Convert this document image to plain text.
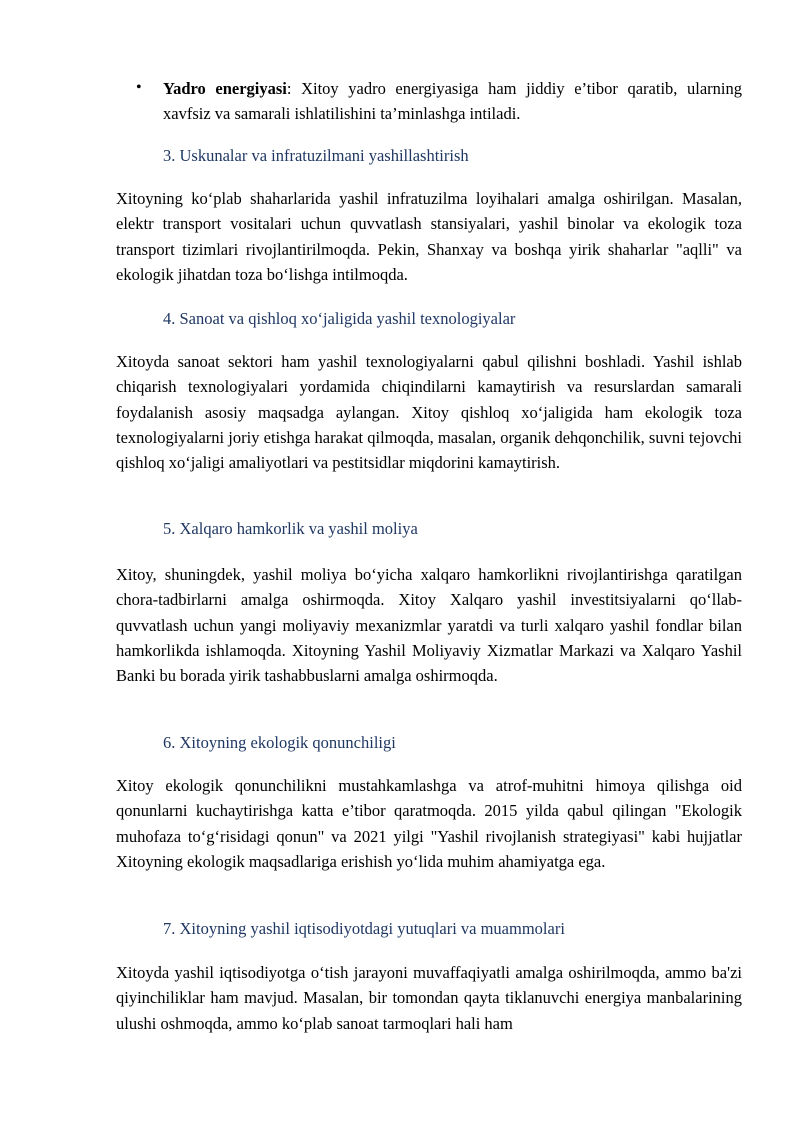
• Yadro energiyasi: Xitoy yadro energiyasiga ham jiddiy e’tibor qaratib, ularning xavfsiz va samarali ishlatilishini ta’minlashga intiladi.
3. Uskunalar va infratuzilmani yashillashtirish
Xitoyning koʻplab shaharlarida yashil infratuzilma loyihalari amalga oshirilgan. Masalan, elektr transport vositalari uchun quvvatlash stansiyalari, yashil binolar va ekologik toza transport tizimlari rivojlantirilmoqda. Pekin, Shanxay va boshqa yirik shaharlar "aqlli" va ekologik jihatdan toza boʻlishga intilmoqda.
4. Sanoat va qishloq xoʻjaligida yashil texnologiyalar
Xitoyda sanoat sektori ham yashil texnologiyalarni qabul qilishni boshladi. Yashil ishlab chiqarish texnologiyalari yordamida chiqindilarni kamaytirish va resurslardan samarali foydalanish asosiy maqsadga aylangan. Xitoy qishloq xoʻjaligida ham ekologik toza texnologiyalarni joriy etishga harakat qilmoqda, masalan, organik dehqonchilik, suvni tejovchi qishloq xoʻjaligi amaliyotlari va pestitsidlar miqdorini kamaytirish.
5. Xalqaro hamkorlik va yashil moliya
Xitoy, shuningdek, yashil moliya boʻyicha xalqaro hamkorlikni rivojlantirishga qaratilgan chora-tadbirlarni amalga oshirmoqda. Xitoy Xalqaro yashil investitsiyalarni qoʻllab-quvvatlash uchun yangi moliyaviy mexanizmlar yaratdi va turli xalqaro yashil fondlar bilan hamkorlikda ishlamoqda. Xitoyning Yashil Moliyaviy Xizmatlar Markazi va Xalqaro Yashil Banki bu borada yirik tashabbuslarni amalga oshirmoqda.
6. Xitoyning ekologik qonunchiligi
Xitoy ekologik qonunchilikni mustahkamlashga va atrof-muhitni himoya qilishga oid qonunlarni kuchaytirishga katta e’tibor qaratmoqda. 2015 yilda qabul qilingan "Ekologik muhofaza toʻgʻrisidagi qonun" va 2021 yilgi "Yashil rivojlanish strategiyasi" kabi hujjatlar Xitoyning ekologik maqsadlariga erishish yoʻlida muhim ahamiyatga ega.
7. Xitoyning yashil iqtisodiyotdagi yutuqlari va muammolari
Xitoyda yashil iqtisodiyotga oʻtish jarayoni muvaffaqiyatli amalga oshirilmoqda, ammo ba'zi qiyinchiliklar ham mavjud. Masalan, bir tomondan qayta tiklanuvchi energiya manbalarining ulushi oshmoqda, ammo koʻplab sanoat tarmoqlari hali ham
